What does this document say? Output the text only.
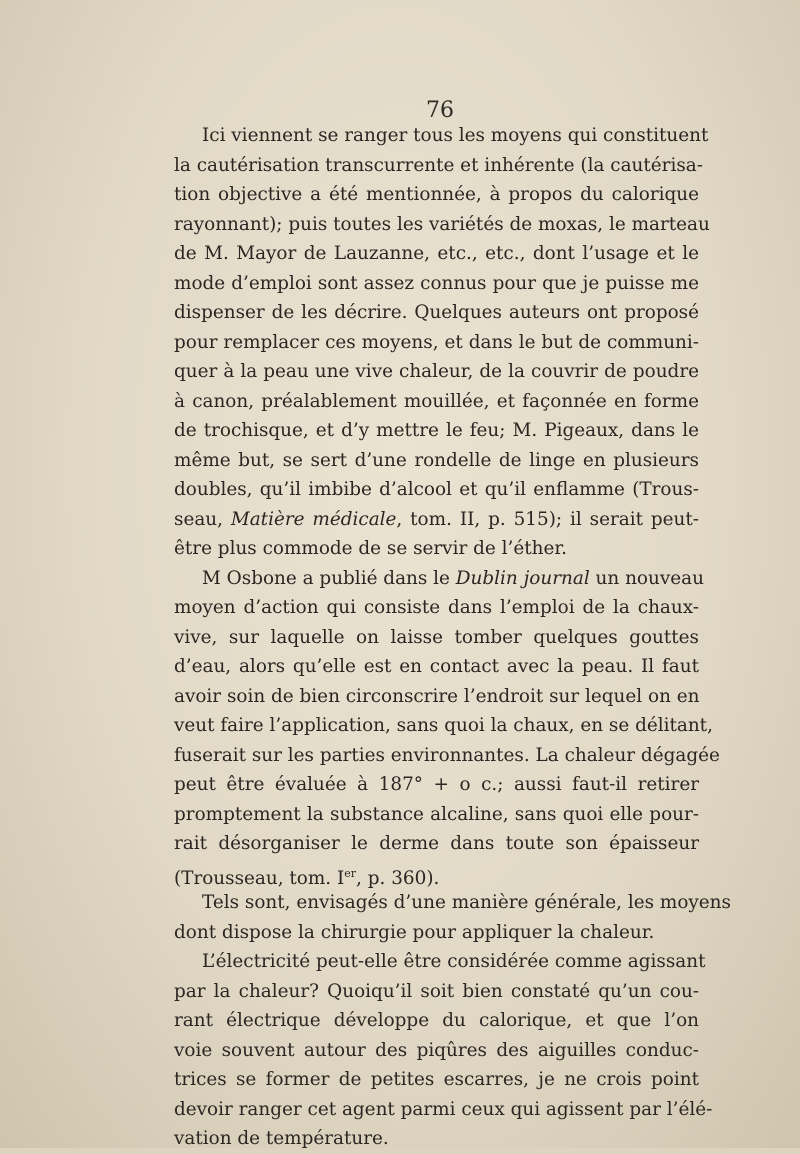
76
Ici viennent se ranger tous les moyens qui constituent
la cautérisation transcurrente et inhérente (la cautérisa-
tion objective a été mentionnée, à propos du calorique
rayonnant); puis toutes les variétés de moxas, le marteau
de M. Mayor de Lauzanne, etc., etc., dont l’usage et le
mode d’emploi sont assez connus pour que je puisse me
dispenser de les décrire. Quelques auteurs ont proposé
pour remplacer ces moyens, et dans le but de communi-
quer à la peau une vive chaleur, de la couvrir de poudre
à canon, préalablement mouillée, et façonnée en forme
de trochisque, et d’y mettre le feu; M. Pigeaux, dans le
même but, se sert d’une rondelle de linge en plusieurs
doubles, qu’il imbibe d’alcool et qu’il enflamme (Trous-
seau, Matière médicale, tom. II, p. 515); il serait peut-
être plus commode de se servir de l’éther.
M Osbone a publié dans le Dublin journal un nouveau
moyen d’action qui consiste dans l’emploi de la chaux-
vive, sur laquelle on laisse tomber quelques gouttes
d’eau, alors qu’elle est en contact avec la peau. Il faut
avoir soin de bien circonscrire l’endroit sur lequel on en
veut faire l’application, sans quoi la chaux, en se délitant,
fuserait sur les parties environnantes. La chaleur dégagée
peut être évaluée à 187° + o c.; aussi faut-il retirer
promptement la substance alcaline, sans quoi elle pour-
rait désorganiser le derme dans toute son épaisseur
(Trousseau, tom. Ier, p. 360).
Tels sont, envisagés d’une manière générale, les moyens
dont dispose la chirurgie pour appliquer la chaleur.
L’électricité peut-elle être considérée comme agissant
par la chaleur? Quoiqu’il soit bien constaté qu’un cou-
rant électrique développe du calorique, et que l’on
voie souvent autour des piqûres des aiguilles conduc-
trices se former de petites escarres, je ne crois point
devoir ranger cet agent parmi ceux qui agissent par l’élé-
vation de température.
